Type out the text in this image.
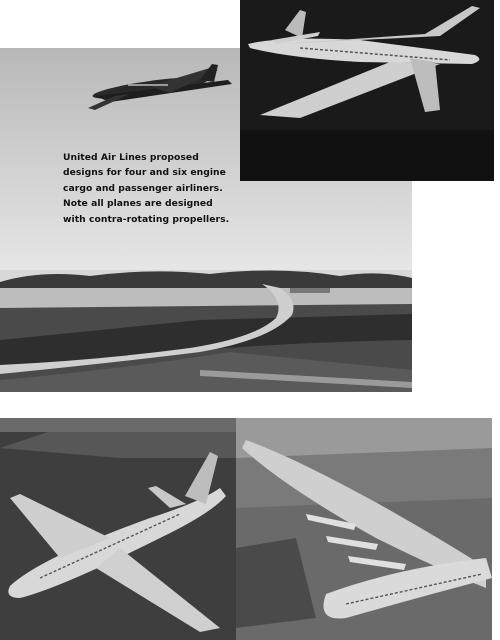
United Air Lines proposed designs for four and six engine cargo and passenger airliners. Note all planes are designed with contra-rotating propellers.
